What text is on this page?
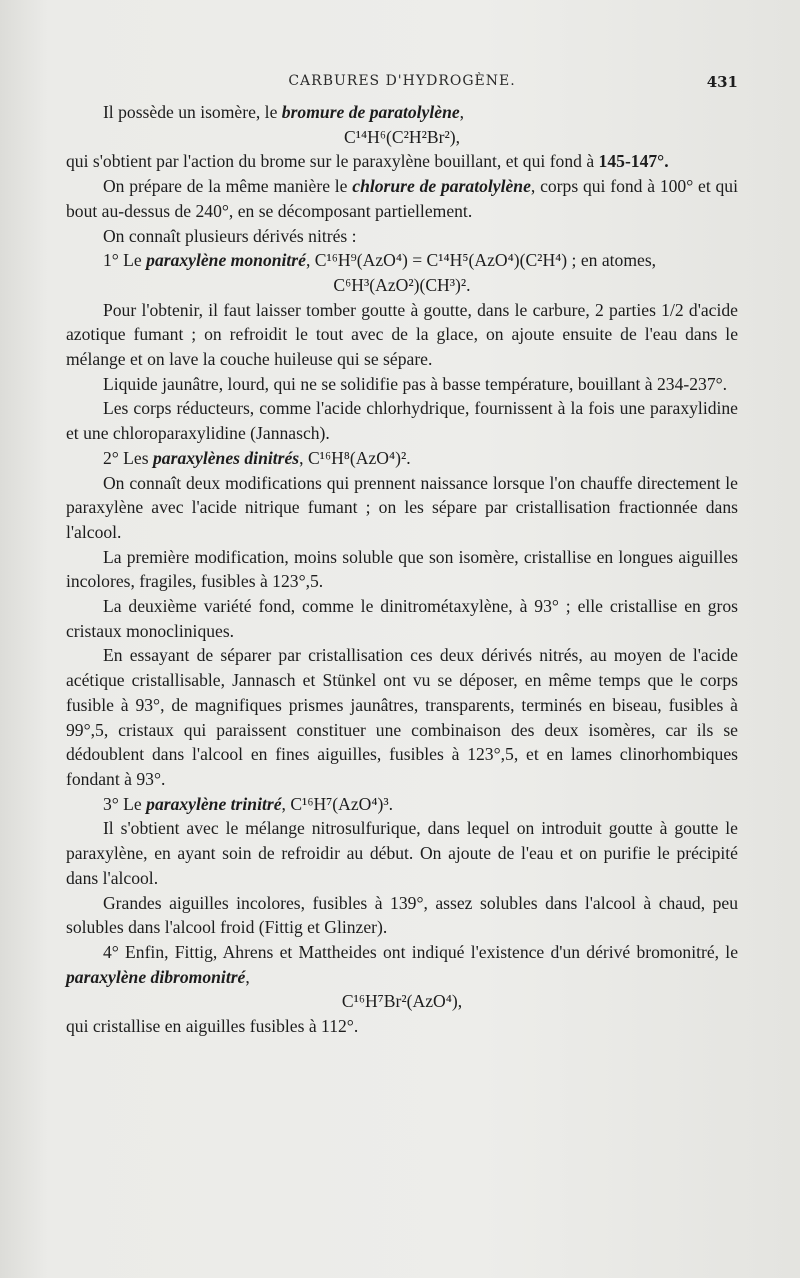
CARBURES D'HYDROGÈNE.	431

Il possède un isomère, le bromure de paratolylène,

C¹⁴H⁶(C²H²Br²),

qui s'obtient par l'action du brome sur le paraxylène bouillant, et qui fond à 145-147°.

On prépare de la même manière le chlorure de paratolylène, corps qui fond à 100° et qui bout au-dessus de 240°, en se décomposant partiellement.

On connaît plusieurs dérivés nitrés :

1° Le paraxylène mononitré, C¹⁶H⁹(AzO⁴) = C¹⁴H⁵(AzO⁴)(C²H⁴) ; en atomes,

C⁶H³(AzO²)(CH³)².

Pour l'obtenir, il faut laisser tomber goutte à goutte, dans le carbure, 2 parties 1/2 d'acide azotique fumant ; on refroidit le tout avec de la glace, on ajoute ensuite de l'eau dans le mélange et on lave la couche huileuse qui se sépare.

Liquide jaunâtre, lourd, qui ne se solidifie pas à basse température, bouillant à 234-237°.

Les corps réducteurs, comme l'acide chlorhydrique, fournissent à la fois une paraxylidine et une chloroparaxylidine (Jannasch).

2° Les paraxylènes dinitrés, C¹⁶H⁸(AzO⁴)².

On connaît deux modifications qui prennent naissance lorsque l'on chauffe directement le paraxylène avec l'acide nitrique fumant ; on les sépare par cristallisation fractionnée dans l'alcool.

La première modification, moins soluble que son isomère, cristallise en longues aiguilles incolores, fragiles, fusibles à 123°,5.

La deuxième variété fond, comme le dinitrométaxylène, à 93° ; elle cristallise en gros cristaux monocliniques.

En essayant de séparer par cristallisation ces deux dérivés nitrés, au moyen de l'acide acétique cristallisable, Jannasch et Stünkel ont vu se déposer, en même temps que le corps fusible à 93°, de magnifiques prismes jaunâtres, transparents, terminés en biseau, fusibles à 99°,5, cristaux qui paraissent constituer une combinaison des deux isomères, car ils se dédoublent dans l'alcool en fines aiguilles, fusibles à 123°,5, et en lames clinorhombiques fondant à 93°.

3° Le paraxylène trinitré, C¹⁶H⁷(AzO⁴)³.

Il s'obtient avec le mélange nitrosulfurique, dans lequel on introduit goutte à goutte le paraxylène, en ayant soin de refroidir au début. On ajoute de l'eau et on purifie le précipité dans l'alcool.

Grandes aiguilles incolores, fusibles à 139°, assez solubles dans l'alcool à chaud, peu solubles dans l'alcool froid (Fittig et Glinzer).

4° Enfin, Fittig, Ahrens et Mattheides ont indiqué l'existence d'un dérivé bromonitré, le paraxylène dibromonitré,

C¹⁶H⁷Br²(AzO⁴),

qui cristallise en aiguilles fusibles à 112°.
